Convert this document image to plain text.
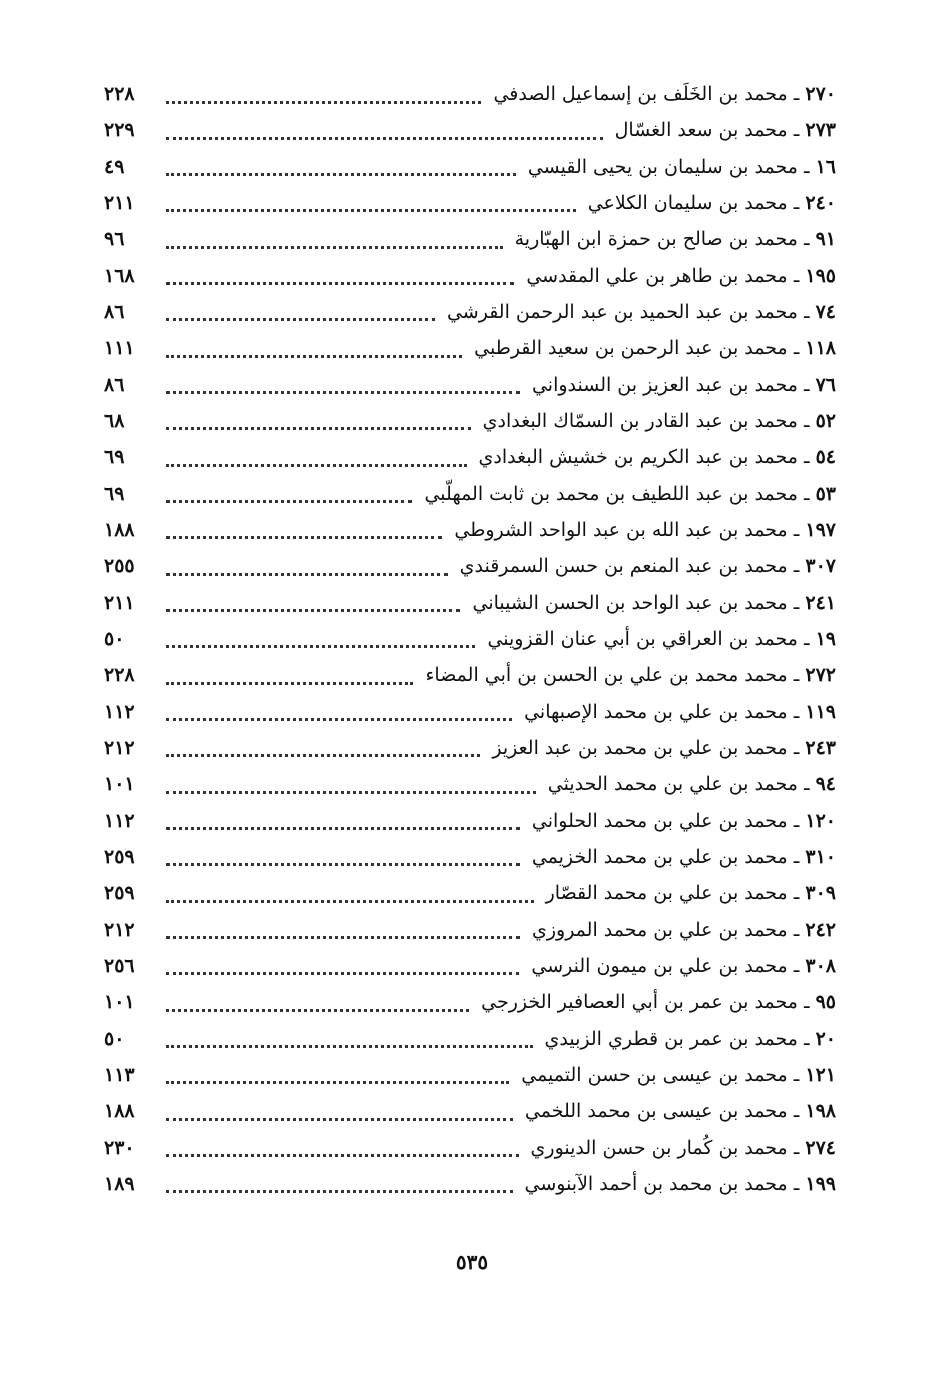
٢٢٨	٢٧٠ ـ محمد بن الخَلَف بن إسماعيل الصدفي
٢٢٩	٢٧٣ ـ محمد بن سعد الغسّال
٤٩	١٦ ـ محمد بن سليمان بن يحيى القيسي
٢١١	٢٤٠ ـ محمد بن سليمان الكلاعي
٩٦	٩١ ـ محمد بن صالح بن حمزة ابن الهبّارية
١٦٨	١٩٥ ـ محمد بن طاهر بن علي المقدسي
٨٦	٧٤ ـ محمد بن عبد الحميد بن عبد الرحمن القرشي
١١١	١١٨ ـ محمد بن عبد الرحمن بن سعيد القرطبي
٨٦	٧٦ ـ محمد بن عبد العزيز بن السندواني
٦٨	٥٢ ـ محمد بن عبد القادر بن السمّاك البغدادي
٦٩	٥٤ ـ محمد بن عبد الكريم بن خشيش البغدادي
٦٩	٥٣ ـ محمد بن عبد اللطيف بن محمد بن ثابت المهلّبي
١٨٨	١٩٧ ـ محمد بن عبد الله بن عبد الواحد الشروطي
٢٥٥	٣٠٧ ـ محمد بن عبد المنعم بن حسن السمرقندي
٢١١	٢٤١ ـ محمد بن عبد الواحد بن الحسن الشيباني
٥٠	١٩ ـ محمد بن العراقي بن أبي عنان القزويني
٢٢٨	٢٧٢ ـ محمد محمد بن علي بن الحسن بن أبي المضاء
١١٢	١١٩ ـ محمد بن علي بن محمد الإصبهاني
٢١٢	٢٤٣ ـ محمد بن علي بن محمد بن عبد العزيز
١٠١	٩٤ ـ محمد بن علي بن محمد الحديثي
١١٢	١٢٠ ـ محمد بن علي بن محمد الحلواني
٢٥٩	٣١٠ ـ محمد بن علي بن محمد الخزيمي
٢٥٩	٣٠٩ ـ محمد بن علي بن محمد القصّار
٢١٢	٢٤٢ ـ محمد بن علي بن محمد المروزي
٢٥٦	٣٠٨ ـ محمد بن علي بن ميمون النرسي
١٠١	٩٥ ـ محمد بن عمر بن أبي العصافير الخزرجي
٥٠	٢٠ ـ محمد بن عمر بن قطري الزبيدي
١١٣	١٢١ ـ محمد بن عيسى بن حسن التميمي
١٨٨	١٩٨ ـ محمد بن عيسى بن محمد اللخمي
٢٣٠	٢٧٤ ـ محمد بن كُمار بن حسن الدينوري
١٨٩	١٩٩ ـ محمد بن محمد بن أحمد الآبنوسي
٥٣٥
